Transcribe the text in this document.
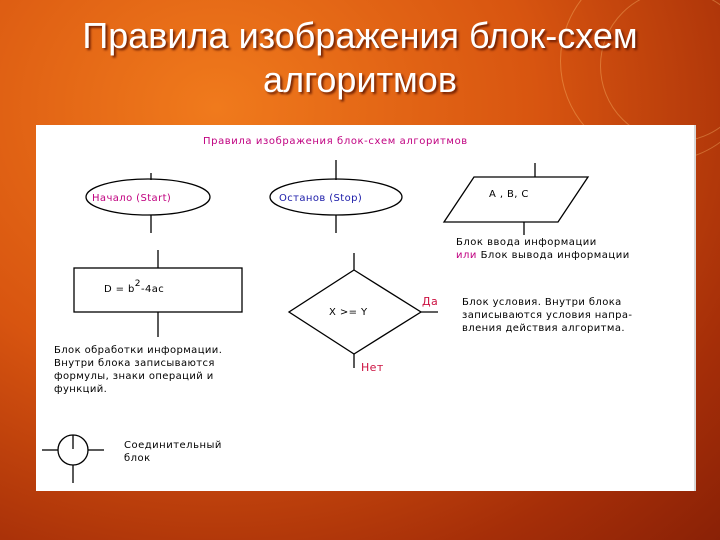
Правила изображения блок-схем
алгоритмов
Правила изображения блок-схем алгоритмов
Начало (Start)	Останов (Stop)	А , В, С
Блок ввода информации
или Блок вывода информации
D = b2-4ac
Блок обработки информации.
Внутри блока записываются
формулы, знаки операций и
функций.
X >= Y
Да
Нет
Блок условия. Внутри блока
записываются условия напра-
вления действия алгоритма.
Соединительный
блок
